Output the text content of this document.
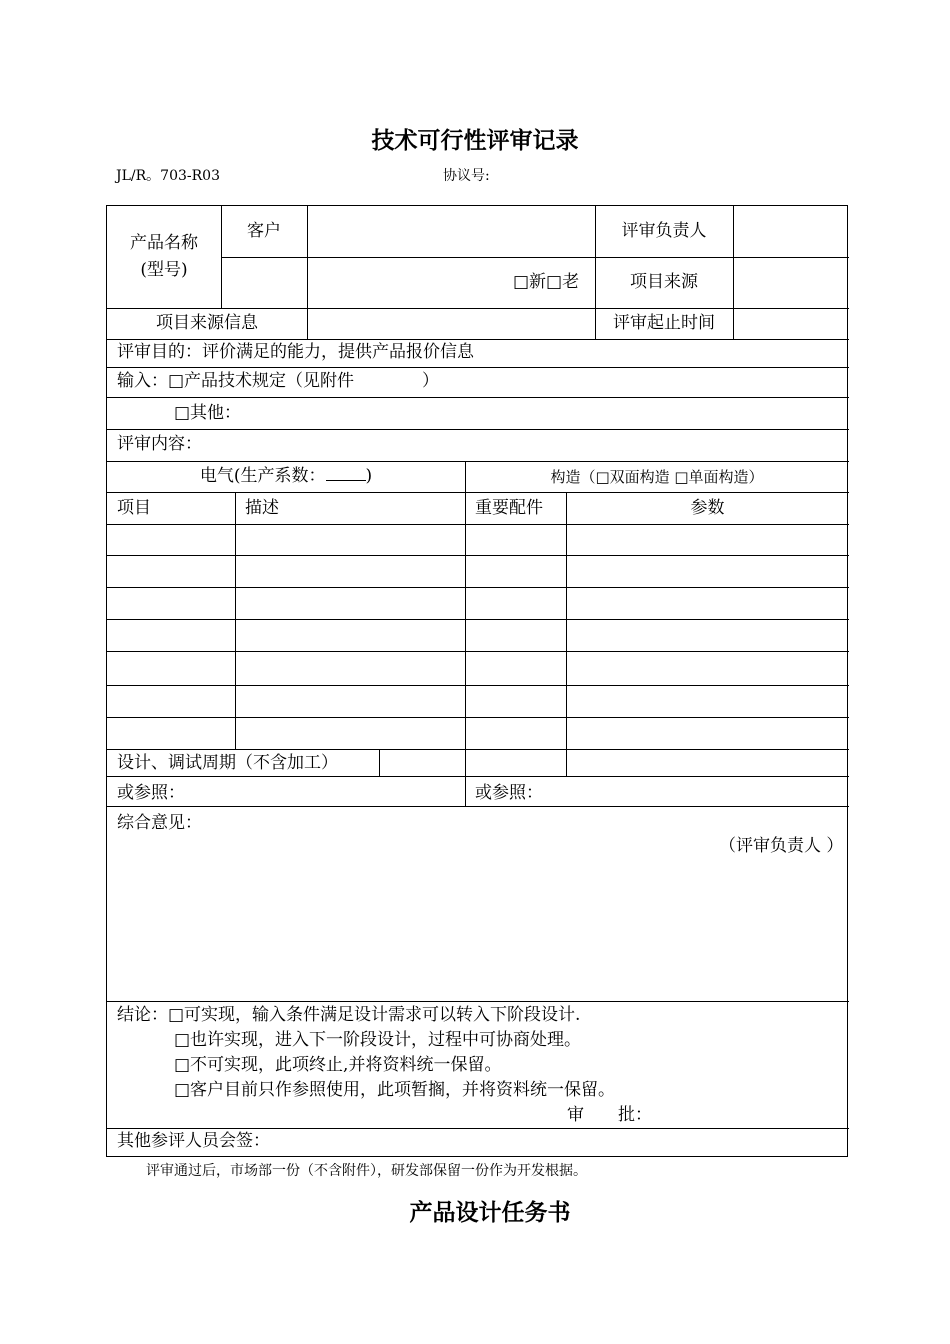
技术可行性评审记录
JL/R。703-R03	协议号:
产品名称
(型号)
客户	评审负责人
□新□老	项目来源
项目来源信息	评审起止时间
评审目的：评价满足的能力，提供产品报价信息
输入：□产品技术规定（见附件　　　　）
□其他：
评审内容：
电气(生产系数： )	构造（□双面构造 □单面构造）
项目	描述	重要配件	参数
设计、调试周期（不含加工）
或参照：	或参照：
综合意见：
（评审负责人 ）
结论：□可实现，输入条件满足设计需求可以转入下阶段设计.
□也许实现，进入下一阶段设计，过程中可协商处理。
□不可实现，此项终止,并将资料统一保留。
□客户目前只作参照使用，此项暂搁，并将资料统一保留。
审　　批：
其他参评人员会签：
评审通过后，市场部一份（不含附件），研发部保留一份作为开发根据。
产品设计任务书
